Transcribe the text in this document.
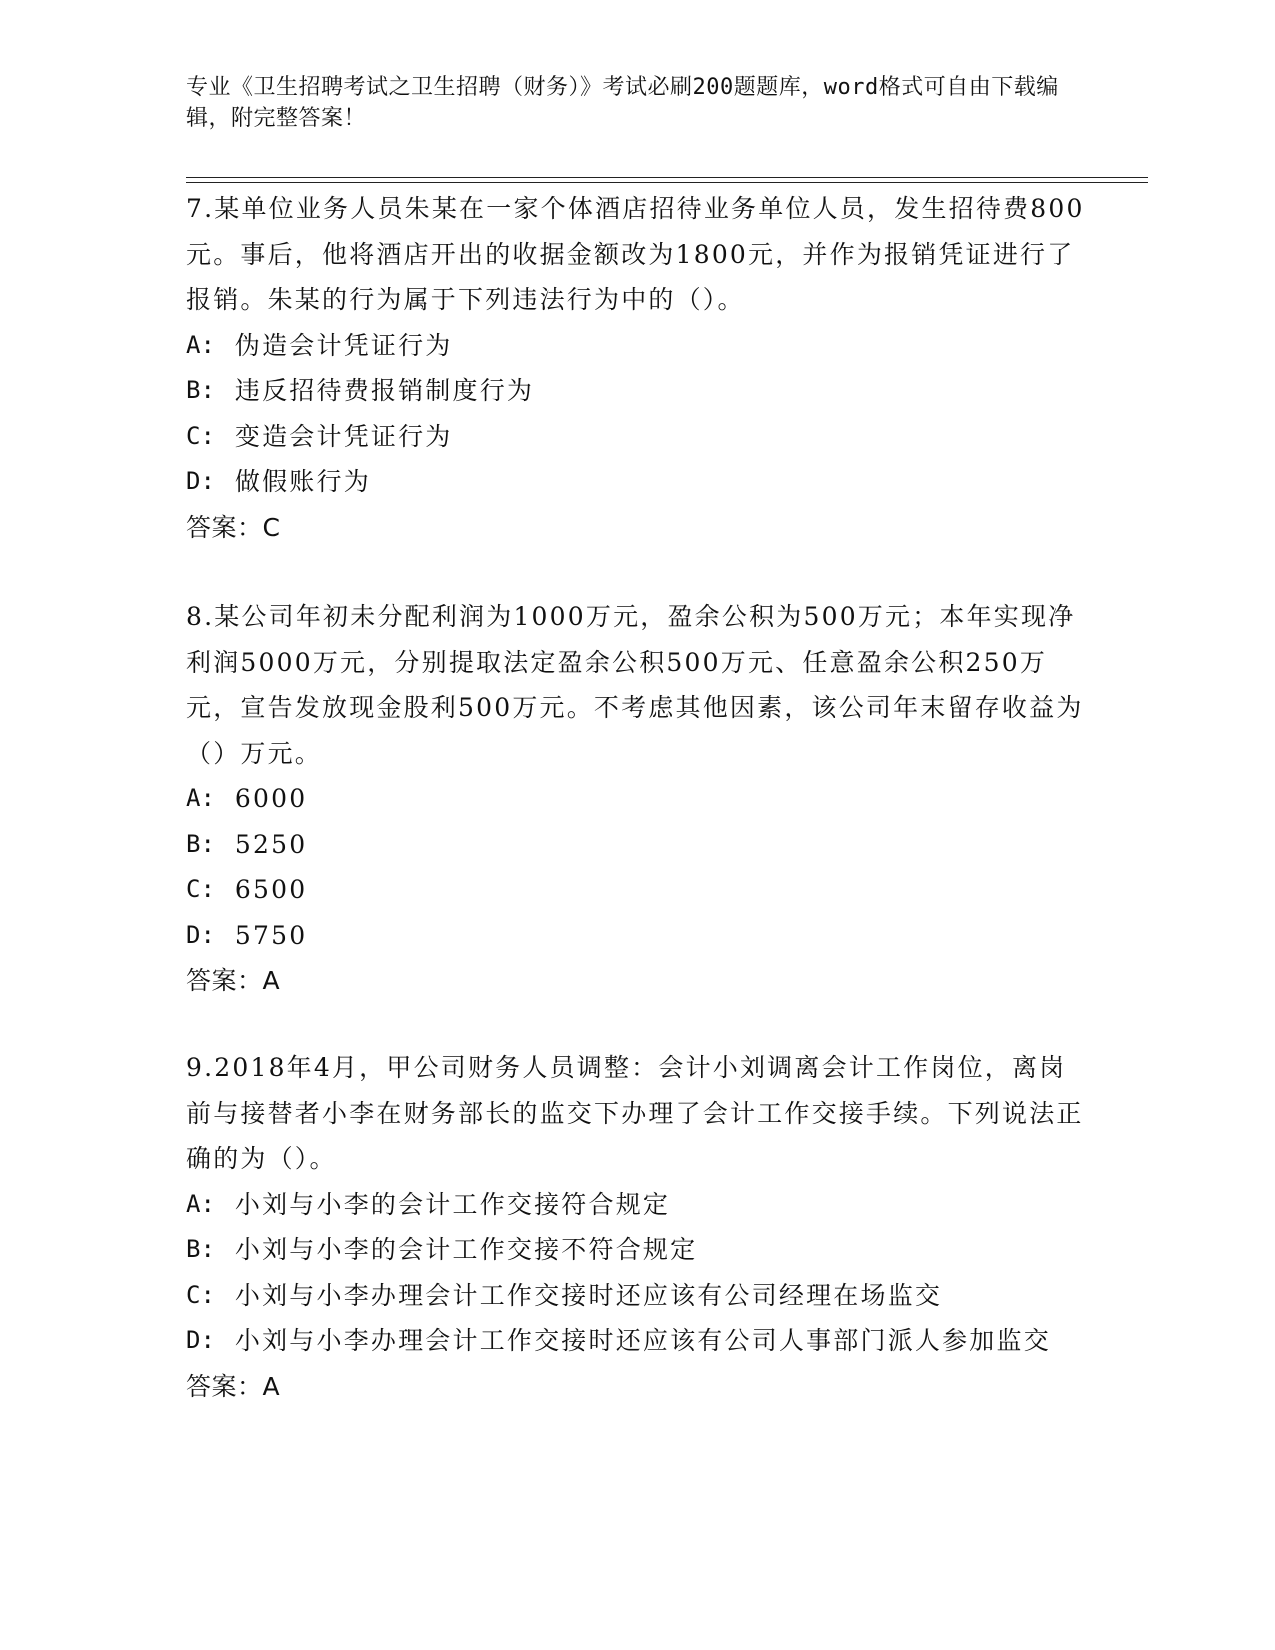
专业《卫生招聘考试之卫生招聘（财务）》考试必刷200题题库，word格式可自由下载编辑，附完整答案！

7.某单位业务人员朱某在一家个体酒店招待业务单位人员，发生招待费800元。事后，他将酒店开出的收据金额改为1800元，并作为报销凭证进行了报销。朱某的行为属于下列违法行为中的（）。

A: 伪造会计凭证行为
B: 违反招待费报销制度行为
C: 变造会计凭证行为
D: 做假账行为

答案：C

8.某公司年初未分配利润为1000万元，盈余公积为500万元；本年实现净利润5000万元，分别提取法定盈余公积500万元、任意盈余公积250万元，宣告发放现金股利500万元。不考虑其他因素，该公司年末留存收益为（）万元。

A: 6000
B: 5250
C: 6500
D: 5750

答案：A

9.2018年4月，甲公司财务人员调整：会计小刘调离会计工作岗位，离岗前与接替者小李在财务部长的监交下办理了会计工作交接手续。下列说法正确的为（）。

A: 小刘与小李的会计工作交接符合规定
B: 小刘与小李的会计工作交接不符合规定
C: 小刘与小李办理会计工作交接时还应该有公司经理在场监交
D: 小刘与小李办理会计工作交接时还应该有公司人事部门派人参加监交

答案：A
